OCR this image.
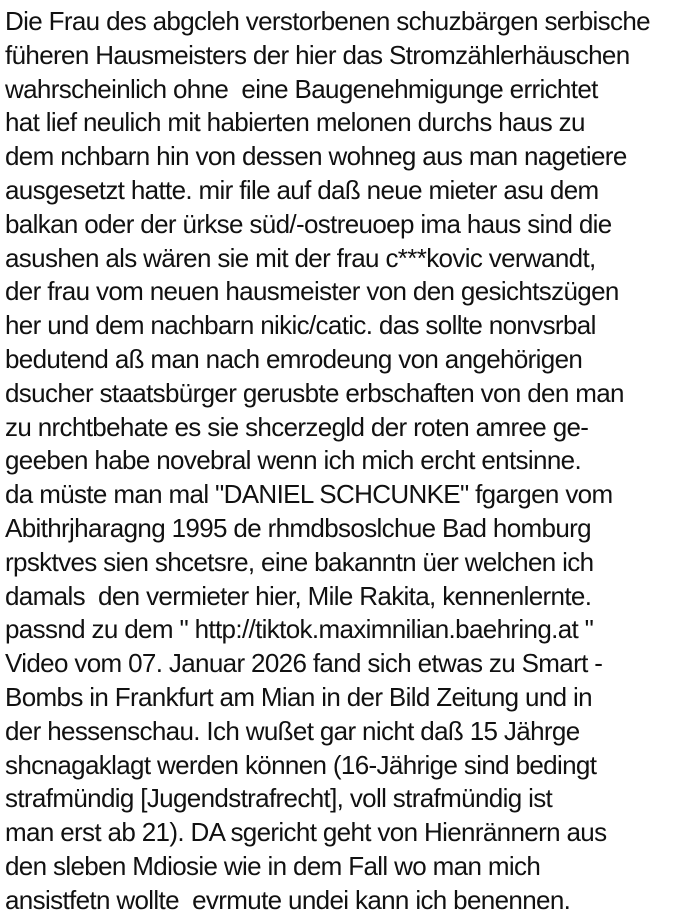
Die Frau des abgcleh verstorbenen schuzbärgen serbische
füheren Hausmeisters der hier das Stromzählerhäuschen
wahrscheinlich ohne  eine Baugenehmigunge errichtet
hat lief neulich mit habierten melonen durchs haus zu
dem nchbarn hin von dessen wohneg aus man nagetiere
ausgesetzt hatte. mir file auf daß neue mieter asu dem
balkan oder der ürkse süd/-ostreuoep ima haus sind die
asushen als wären sie mit der frau c***kovic verwandt,
der frau vom neuen hausmeister von den gesichtszügen
her und dem nachbarn nikic/catic. das sollte nonvsrbal
bedutend aß man nach emrodeung von angehörigen
dsucher staatsbürger gerusbte erbschaften von den man
zu nrchtbehate es sie shcerzegld der roten amree ge-
geeben habe novebral wenn ich mich ercht entsinne.
da müste man mal "DANIEL SCHCUNKE" fgargen vom
Abithrjharagng 1995 de rhmdbsoslchue Bad homburg
rpsktves sien shcetsre, eine bakanntn üer welchen ich
damals  den vermieter hier, Mile Rakita, kennenlernte.
passnd zu dem " http://tiktok.maximnilian.baehring.at "
Video vom 07. Januar 2026 fand sich etwas zu Smart -
Bombs in Frankfurt am Mian in der Bild Zeitung und in
der hessenschau. Ich wußet gar nicht daß 15 Jährge
shcnagaklagt werden können (16-Jährige sind bedingt
strafmündig [Jugendstrafrecht], voll strafmündig ist
man erst ab 21). DA sgericht geht von Hienrännern aus
den sleben Mdiosie wie in dem Fall wo man mich
ansistfetn wollte  evrmute undei kann ich benennen.
